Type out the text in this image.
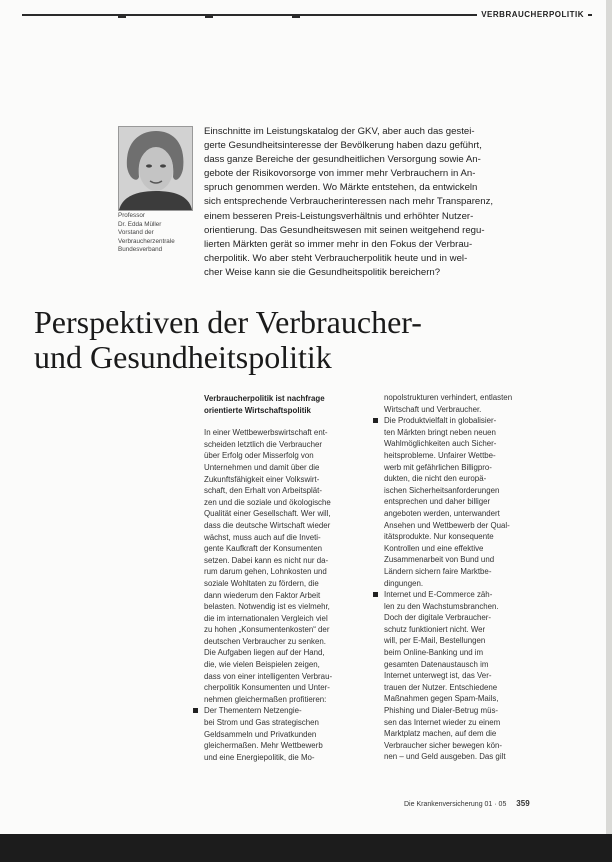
VERBRAUCHERPOLITIK
Professor
Dr. Edda Müller
Vorstand der
Verbraucherzentrale
Bundesverband
Einschnitte im Leistungskatalog der GKV, aber auch das gestei-
gerte Gesundheitsinteresse der Bevölkerung haben dazu geführt,
dass ganze Bereiche der gesundheitlichen Versorgung sowie An-
gebote der Risikovorsorge von immer mehr Verbrauchern in An-
spruch genommen werden. Wo Märkte entstehen, da entwickeln
sich entsprechende Verbraucherinteressen nach mehr Transparenz,
einem besseren Preis-Leistungsverhältnis und erhöhter Nutzer-
orientierung. Das Gesundheitswesen mit seinen weitgehend regu-
lierten Märkten gerät so immer mehr in den Fokus der Verbrau-
cherpolitik. Wo aber steht Verbraucherpolitik heute und in wel-
cher Weise kann sie die Gesundheitspolitik bereichern?
Perspektiven der Verbraucher-
und Gesundheitspolitik
Verbraucherpolitik ist nachfrage
orientierte Wirtschaftspolitik
In einer Wettbewerbswirtschaft ent-
scheiden letztlich die Verbraucher
über Erfolg oder Misserfolg von
Unternehmen und damit über die
Zukunftsfähigkeit einer Volkswirt-
schaft, den Erhalt von Arbeitsplät-
zen und die soziale und ökologische
Qualität einer Gesellschaft. Wer will,
dass die deutsche Wirtschaft wieder
wächst, muss auch auf die Inveti-
gente Kaufkraft der Konsumenten
setzen. Dabei kann es nicht nur da-
rum darum gehen, Lohnkosten und
soziale Wohltaten zu fördern, die
dann wiederum den Faktor Arbeit
belasten. Notwendig ist es vielmehr,
die im internationalen Vergleich viel
zu hohen „Konsumentenkosten“ der
deutschen Verbraucher zu senken.
Die Aufgaben liegen auf der Hand,
die, wie vielen Beispielen zeigen,
dass von einer intelligenten Verbrau-
cherpolitik Konsumenten und Unter-
nehmen gleichermaßen profitieren:
Der Thementern Netzengie-
bei Strom und Gas strategischen
Geldsammeln und Privatkunden
gleichermaßen. Mehr Wettbewerb
und eine Energiepolitik, die Mo-
nopolstrukturen verhindert, entlasten
Wirtschaft und Verbraucher.
Die Produktvielfalt in globalisier-
ten Märkten bringt neben neuen
Wahlmöglichkeiten auch Sicher-
heitsprobleme. Unfairer Wettbe-
werb mit gefährlichen Billigpro-
dukten, die nicht den europä-
ischen Sicherheitsanforderungen
entsprechen und daher billiger
angeboten werden, unterwandert
Ansehen und Wettbewerb der Qual-
itätsprodukte. Nur konsequente
Kontrollen und eine effektive
Zusammenarbeit von Bund und
Ländern sichern faire Marktbe-
dingungen.
Internet und E-Commerce zäh-
len zu den Wachstumsbranchen.
Doch der digitale Verbraucher-
schutz funktioniert nicht. Wer
will, per E-Mail, Bestellungen
beim Online-Banking und im
gesamten Datenaustausch im
Internet unterwegt ist, das Ver-
trauen der Nutzer. Entschiedene
Maßnahmen gegen Spam-Mails,
Phishing und Dialer-Betrug müs-
sen das Internet wieder zu einem
Marktplatz machen, auf dem die
Verbraucher sicher bewegen kön-
nen – und Geld ausgeben. Das gilt
Die Krankenversicherung 01 · 05 359
